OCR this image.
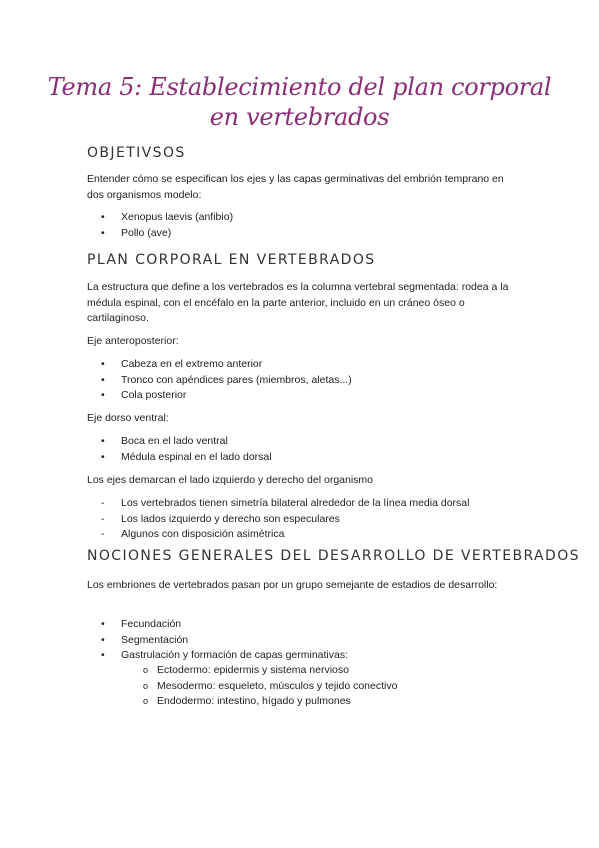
Tema 5: Establecimiento del plan corporal
en vertebrados
OBJETIVSOS

Entender cómo se especifican los ejes y las capas germinativas del embrión temprano en dos organismos modelo:

• Xenopus laevis (anfibio)
• Pollo (ave)
PLAN CORPORAL EN VERTEBRADOS

La estructura que define a los vertebrados es la columna vertebral segmentada: rodea a la médula espinal, con el encéfalo en la parte anterior, incluido en un cráneo óseo o cartilaginoso.

Eje anteroposterior:

• Cabeza en el extremo anterior
• Tronco con apéndices pares (miembros, aletas...)
• Cola posterior

Eje dorso ventral:

• Boca en el lado ventral
• Médula espinal en el lado dorsal

Los ejes demarcan el lado izquierdo y derecho del organismo

- Los vertebrados tienen simetría bilateral alrededor de la línea media dorsal
- Los lados izquierdo y derecho son especulares
- Algunos con disposición asimétrica
NOCIONES GENERALES DEL DESARROLLO DE VERTEBRADOS

Los embriones de vertebrados pasan por un grupo semejante de estadios de desarrollo:

• Fecundación
• Segmentación
• Gastrulación y formación de capas germinativas:
o Ectodermo: epidermis y sistema nervioso
o Mesodermo: esqueleto, músculos y tejido conectivo
o Endodermo: intestino, hígado y pulmones
